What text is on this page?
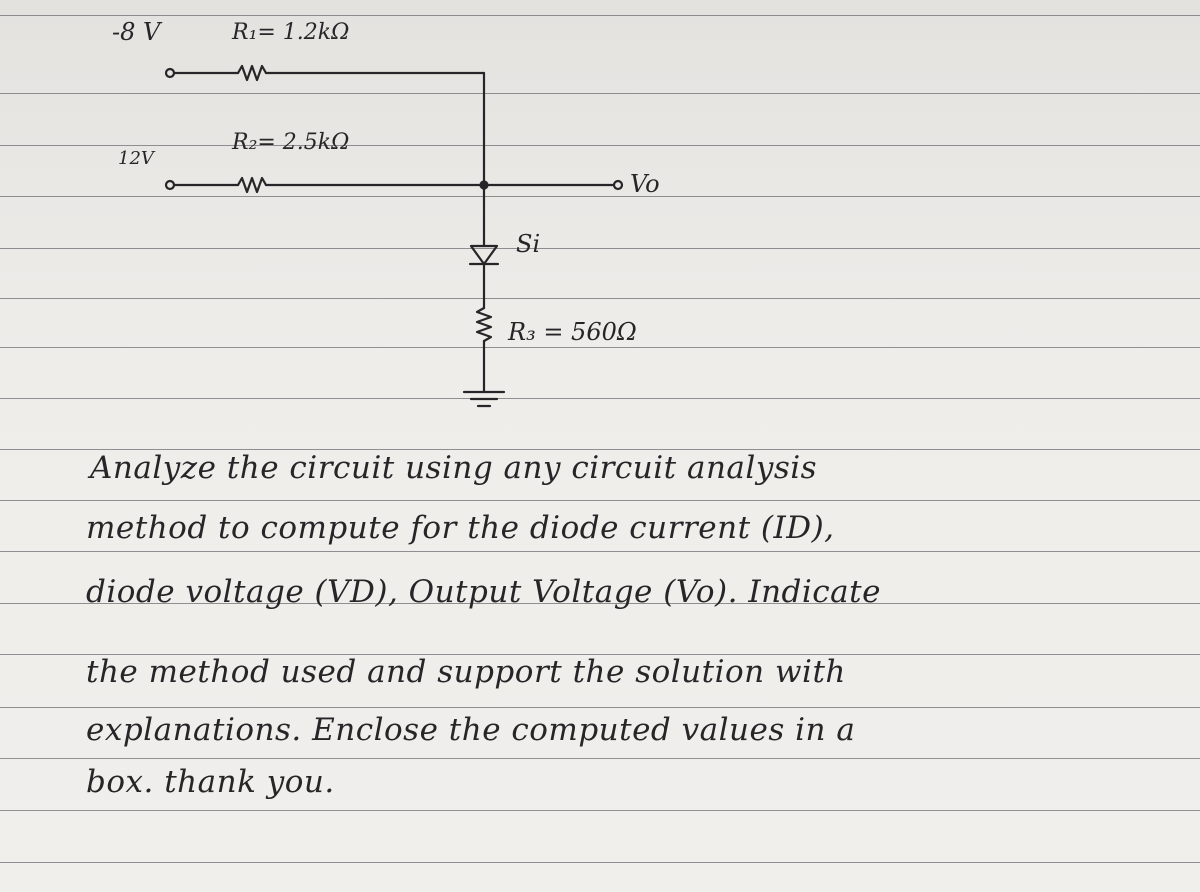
-8 V	R₁= 1.2kΩ

R₂= 2.5kΩ

12V

Vo

Si

R₃ = 560Ω

Analyze the circuit using any circuit analysis

method to compute for the diode current (ID),

diode voltage (VD), Output Voltage (Vo). Indicate

the method used and support the solution with

explanations. Enclose the computed values in a

box. thank you.
